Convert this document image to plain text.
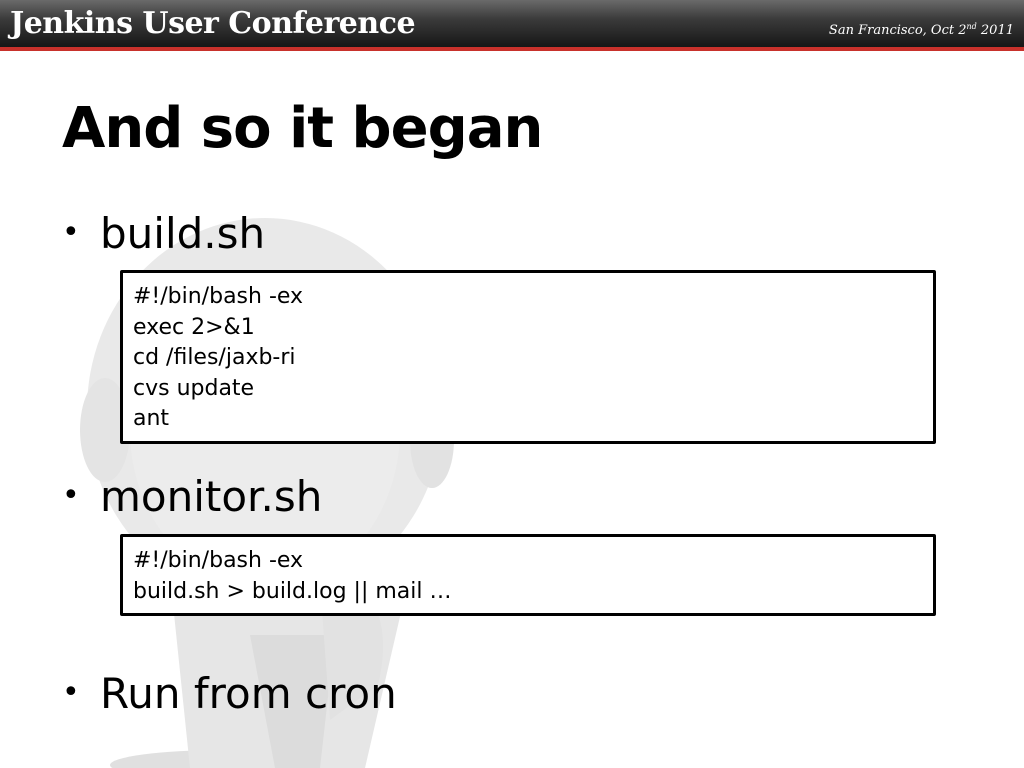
Jenkins User Conference	San Francisco, Oct 2nd 2011
And so it began
• build.sh
#!/bin/bash -ex
exec 2>&1
cd /files/jaxb-ri
cvs update
ant
• monitor.sh
#!/bin/bash -ex
build.sh > build.log || mail …
• Run from cron
